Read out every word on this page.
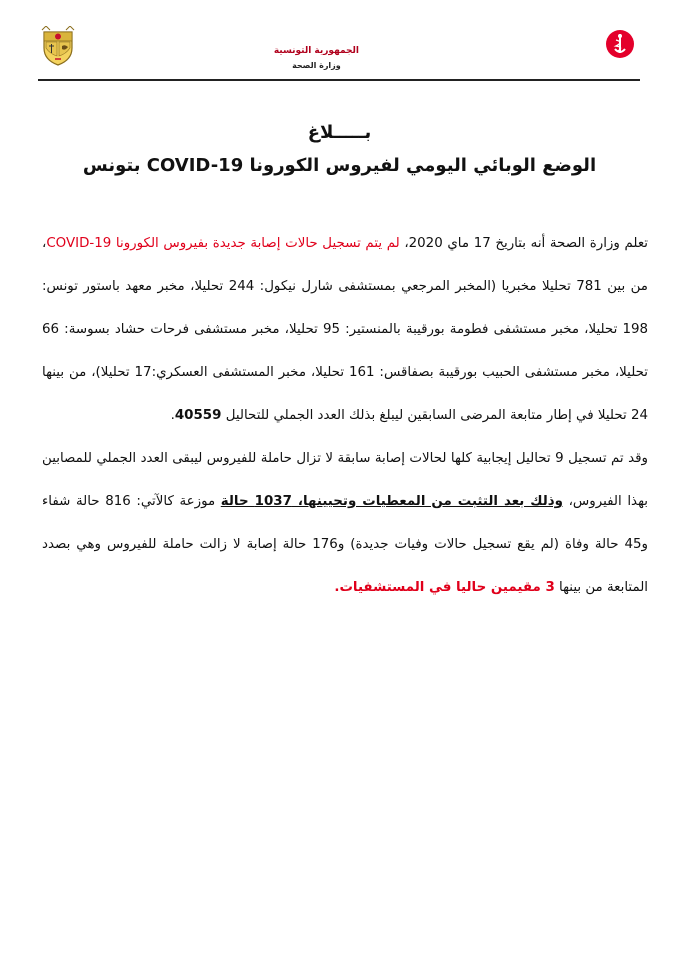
الجمهورية التونسية
وزارة الصحة
بـــــلاغ
الوضع الوبائي اليومي لفيروس الكورونا COVID-19 بتونس

تعلم وزارة الصحة أنه بتاريخ 17 ماي 2020، لم يتم تسجيل حالات إصابة جديدة بفيروس الكورونا COVID-19، من بين 781 تحليلا مخبريا (المخبر المرجعي بمستشفى شارل نيكول: 244 تحليلا، مخبر معهد باستور تونس: 198 تحليلا، مخبر مستشفى فطومة بورقيبة بالمنستير: 95 تحليلا، مخبر مستشفى فرحات حشاد بسوسة: 66 تحليلا، مخبر مستشفى الحبيب بورقيبة بصفاقس: 161 تحليلا، مخبر المستشفى العسكري:17 تحليلا)، من بينها 24 تحليلا في إطار متابعة المرضى السابقين ليبلغ بذلك العدد الجملي للتحاليل 40559.

وقد تم تسجيل 9 تحاليل إيجابية كلها لحالات إصابة سابقة لا تزال حاملة للفيروس ليبقى العدد الجملي للمصابين بهذا الفيروس، وذلك بعد التثبت من المعطيات وتحيينها، 1037 حالة موزعة كالآتي: 816 حالة شفاء و45 حالة وفاة (لم يقع تسجيل حالات وفيات جديدة) و176 حالة إصابة لا زالت حاملة للفيروس وهي بصدد المتابعة من بينها 3 مقيمين حاليا في المستشفيات.
